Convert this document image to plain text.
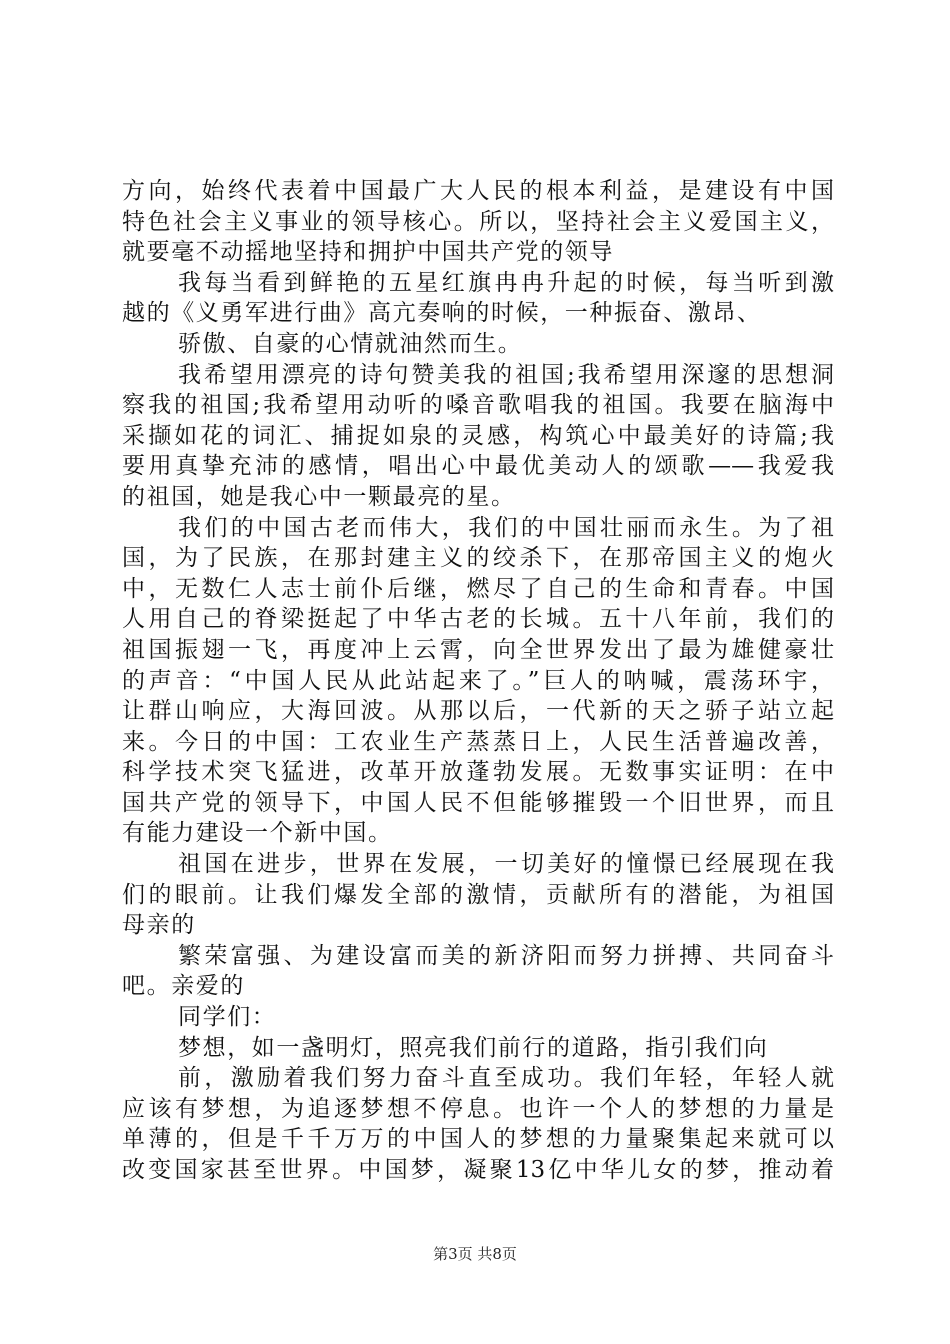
方向，始终代表着中国最广大人民的根本利益，是建设有中国

特色社会主义事业的领导核心。所以，坚持社会主义爱国主义，

就要毫不动摇地坚持和拥护中国共产党的领导

我每当看到鲜艳的五星红旗冉冉升起的时候，每当听到激

越的《义勇军进行曲》高亢奏响的时候，一种振奋、激昂、

骄傲、自豪的心情就油然而生。

我希望用漂亮的诗句赞美我的祖国;我希望用深邃的思想洞

察我的祖国;我希望用动听的嗓音歌唱我的祖国。我要在脑海中

采撷如花的词汇、捕捉如泉的灵感，构筑心中最美好的诗篇;我

要用真挚充沛的感情，唱出心中最优美动人的颂歌——我爱我

的祖国，她是我心中一颗最亮的星。

我们的中国古老而伟大，我们的中国壮丽而永生。为了祖

国，为了民族，在那封建主义的绞杀下，在那帝国主义的炮火

中，无数仁人志士前仆后继，燃尽了自己的生命和青春。中国

人用自己的脊梁挺起了中华古老的长城。五十八年前，我们的

祖国振翅一飞，再度冲上云霄，向全世界发出了最为雄健豪壮

的声音：“中国人民从此站起来了。”巨人的呐喊，震荡环宇，

让群山响应，大海回波。从那以后，一代新的天之骄子站立起

来。今日的中国：工农业生产蒸蒸日上，人民生活普遍改善，

科学技术突飞猛进，改革开放蓬勃发展。无数事实证明：在中

国共产党的领导下，中国人民不但能够摧毁一个旧世界，而且

有能力建设一个新中国。

祖国在进步，世界在发展，一切美好的憧憬已经展现在我

们的眼前。让我们爆发全部的激情，贡献所有的潜能，为祖国

母亲的

繁荣富强、为建设富而美的新济阳而努力拼搏、共同奋斗

吧。亲爱的

同学们：

梦想，如一盏明灯，照亮我们前行的道路，指引我们向

前，激励着我们努力奋斗直至成功。我们年轻，年轻人就

应该有梦想，为追逐梦想不停息。也许一个人的梦想的力量是

单薄的，但是千千万万的中国人的梦想的力量聚集起来就可以

改变国家甚至世界。中国梦，凝聚13亿中华儿女的梦，推动着

第3页 共8页
